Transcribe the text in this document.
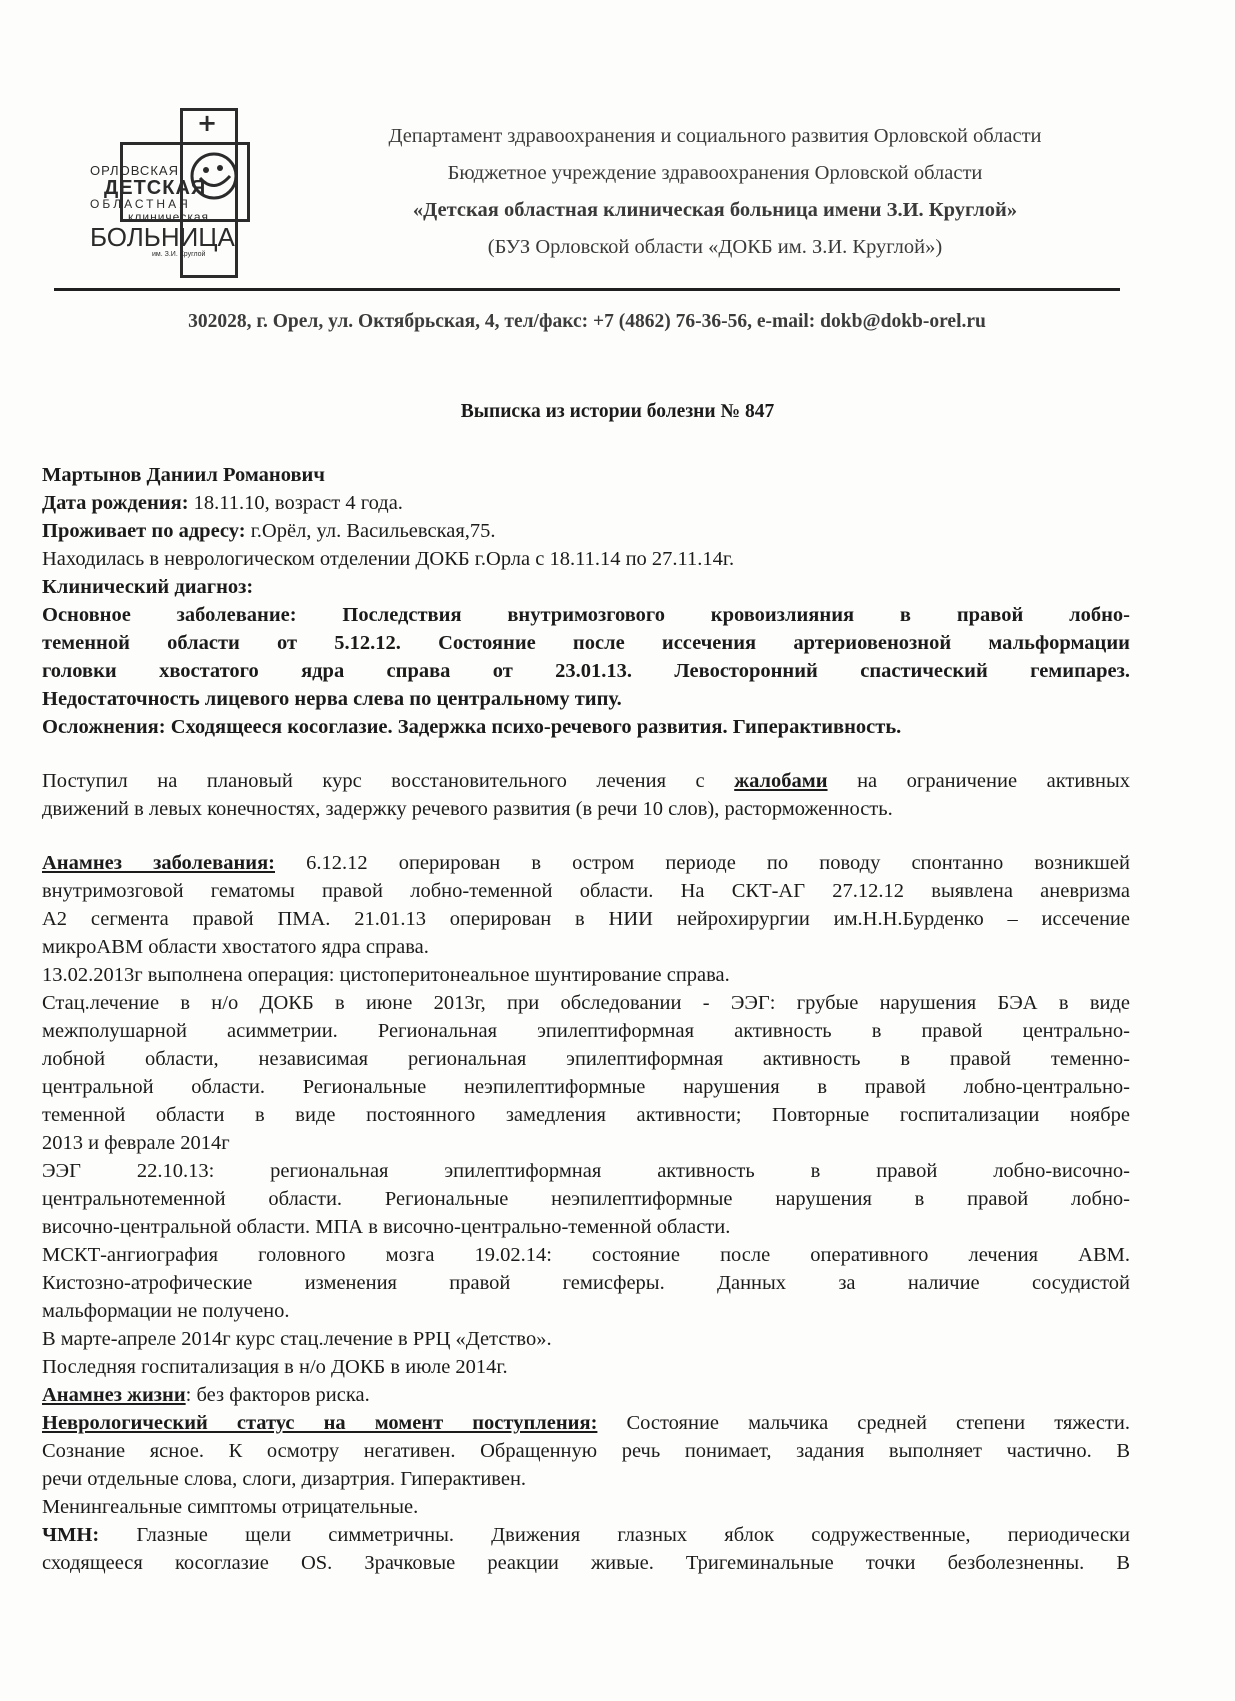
+
ОРЛОВСКАЯ
ДЕТСКАЯ
ОБЛАСТНАЯ
клиническая
БОЛЬНИЦА
им. З.И. Круглой
Департамент здравоохранения и социального развития Орловской области
Бюджетное учреждение здравоохранения Орловской области
«Детская областная клиническая больница имени З.И. Круглой»
(БУЗ Орловской области «ДОКБ им. З.И. Круглой»)
302028, г. Орел, ул. Октябрьская, 4, тел/факс: +7 (4862) 76-36-56, e-mail: dokb@dokb-orel.ru
Выписка из истории болезни № 847
Мартынов Даниил Романович
Дата рождения: 18.11.10, возраст 4 года.
Проживает по адресу: г.Орёл, ул. Васильевская,75.
Находилась в неврологическом отделении ДОКБ г.Орла с 18.11.14 по 27.11.14г.
Клинический диагноз:
Основное заболевание: Последствия внутримозгового кровоизлияния в правой лобно-
теменной области от 5.12.12. Состояние после иссечения артериовенозной мальформации
головки хвостатого ядра справа от 23.01.13. Левосторонний спастический гемипарез.
Недостаточность лицевого нерва слева по центральному типу.
Осложнения: Сходящееся косоглазие. Задержка психо-речевого развития. Гиперактивность.
Поступил на плановый курс восстановительного лечения с жалобами на ограничение активных
движений в левых конечностях, задержку речевого развития (в речи 10 слов), расторможенность.
Анамнез заболевания: 6.12.12 оперирован в остром периоде по поводу спонтанно возникшей
внутримозговой гематомы правой лобно-теменной области. На СКТ-АГ 27.12.12 выявлена аневризма
А2 сегмента правой ПМА. 21.01.13 оперирован в НИИ нейрохирургии им.Н.Н.Бурденко – иссечение
микроАВМ области хвостатого ядра справа.
13.02.2013г выполнена операция: цистоперитонеальное шунтирование справа.
Стац.лечение в н/о ДОКБ в июне 2013г, при обследовании - ЭЭГ: грубые нарушения БЭА в виде
межполушарной асимметрии. Региональная эпилептиформная активность в правой центрально-
лобной области, независимая региональная эпилептиформная активность в правой теменно-
центральной области. Региональные неэпилептиформные нарушения в правой лобно-центрально-
теменной области в виде постоянного замедления активности; Повторные госпитализации ноябре
2013 и феврале 2014г
ЭЭГ 22.10.13: региональная эпилептиформная активность в правой лобно-височно-
центральнотеменной области. Региональные неэпилептиформные нарушения в правой лобно-
височно-центральной области. МПА в височно-центрально-теменной области.
МСКТ-ангиография головного мозга 19.02.14: состояние после оперативного лечения АВМ.
Кистозно-атрофические изменения правой гемисферы. Данных за наличие сосудистой
мальформации не получено.
В марте-апреле 2014г курс стац.лечение в РРЦ «Детство».
Последняя госпитализация в н/о ДОКБ в июле 2014г.
Анамнез жизни: без факторов риска.
Неврологический статус на момент поступления: Состояние мальчика средней степени тяжести.
Сознание ясное. К осмотру негативен. Обращенную речь понимает, задания выполняет частично. В
речи отдельные слова, слоги, дизартрия. Гиперактивен.
Менингеальные симптомы отрицательные.
ЧМН: Глазные щели симметричны. Движения глазных яблок содружественные, периодически
сходящееся косоглазие OS. Зрачковые реакции живые. Тригеминальные точки безболезненны. В
